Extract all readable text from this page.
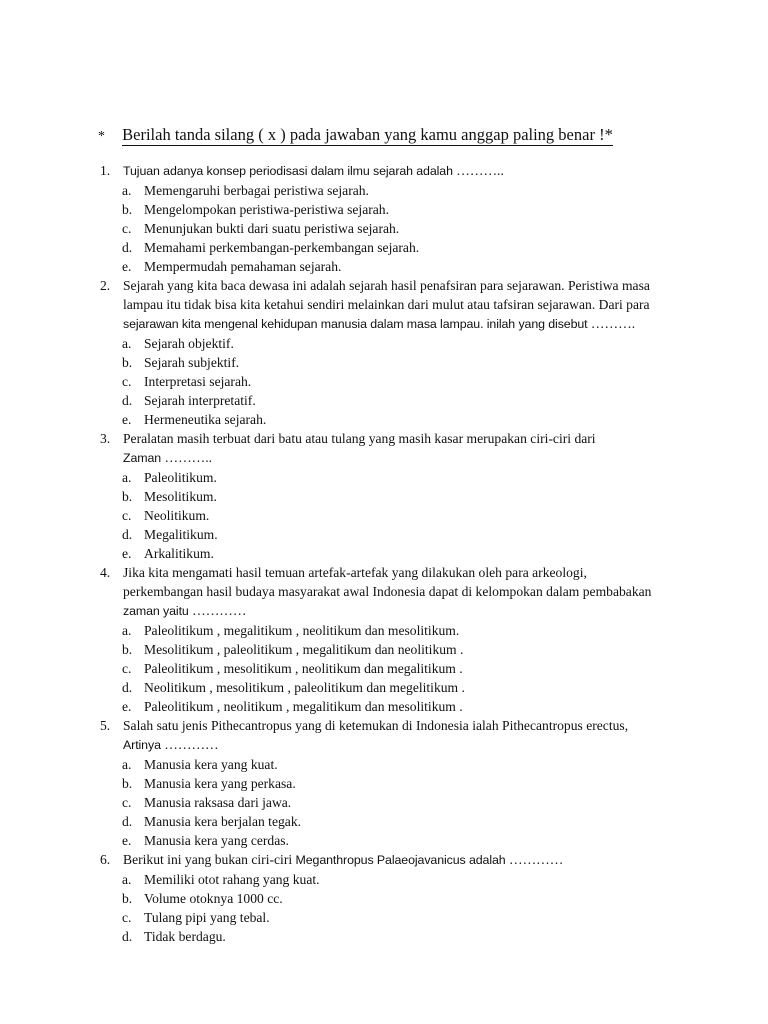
* Berilah tanda silang ( x ) pada jawaban yang kamu anggap paling benar !*
1.	Tujuan adanya konsep periodisasi dalam ilmu sejarah adalah ………..
a. Memengaruhi berbagai peristiwa sejarah.
b. Mengelompokan peristiwa-peristiwa sejarah.
c. Menunjukan bukti dari suatu peristiwa sejarah.
d. Memahami perkembangan-perkembangan sejarah.
e. Mempermudah pemahaman sejarah.
2. Sejarah yang kita baca dewasa ini adalah sejarah hasil penafsiran para sejarawan. Peristiwa masa
lampau itu tidak bisa kita ketahui sendiri melainkan dari mulut atau tafsiran sejarawan. Dari para
sejarawan kita mengenal kehidupan manusia dalam masa lampau. inilah yang disebut ……….
a. Sejarah objektif.
b. Sejarah subjektif.
c. Interpretasi sejarah.
d. Sejarah interpretatif.
e. Hermeneutika sejarah.
3. Peralatan masih terbuat dari batu atau tulang yang masih kasar merupakan ciri-ciri dari
Zaman ………..
a. Paleolitikum.
b. Mesolitikum.
c. Neolitikum.
d. Megalitikum.
e. Arkalitikum.
4. Jika kita mengamati hasil temuan artefak-artefak yang dilakukan oleh para arkeologi,
perkembangan hasil budaya masyarakat awal Indonesia dapat di kelompokan dalam pembabakan
zaman yaitu …………
a. Paleolitikum , megalitikum , neolitikum dan mesolitikum.
b. Mesolitikum , paleolitikum , megalitikum dan neolitikum .
c. Paleolitikum , mesolitikum , neolitikum dan megalitikum .
d. Neolitikum , mesolitikum , paleolitikum dan megelitikum .
e. Paleolitikum , neolitikum , megalitikum dan mesolitikum .
5. Salah satu jenis Pithecantropus yang di ketemukan di Indonesia ialah Pithecantropus erectus,
Artinya …………
a. Manusia kera yang kuat.
b. Manusia kera yang perkasa.
c. Manusia raksasa dari jawa.
d. Manusia kera berjalan tegak.
e. Manusia kera yang cerdas.
6. Berikut ini yang bukan ciri-ciri Meganthropus Palaeojavanicus adalah …………
a. Memiliki otot rahang yang kuat.
b. Volume otoknya 1000 cc.
c. Tulang pipi yang tebal.
d. Tidak berdagu.
